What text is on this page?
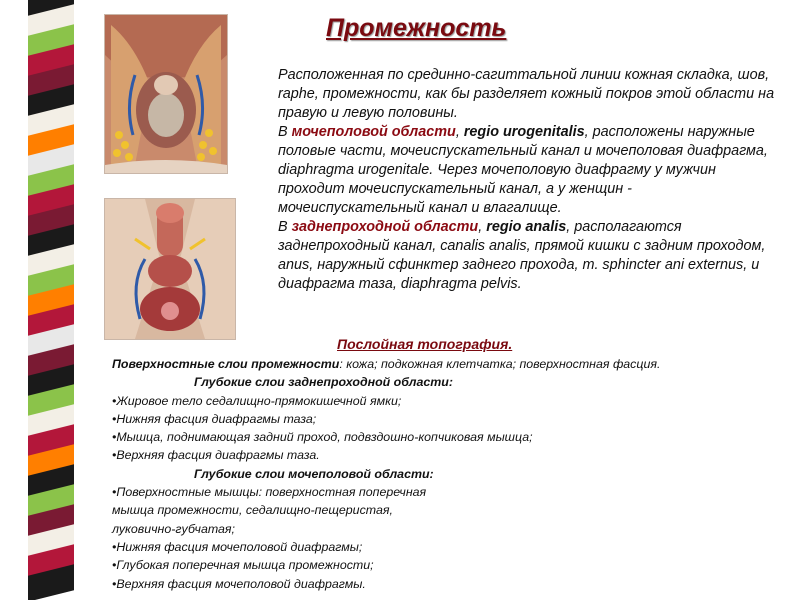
Промежность
Расположенная по срединно-сагиттальной линии кожная складка, шов, raphe, промежности, как бы разделяет кожный покров этой области на правую и левую половины.
В мочеполовой области, regio urogenitalis, расположены наружные половые части, мочеиспускательный канал и мочеполовая диафрагма, diaphragma urogenitale. Через мочеполовую диафрагму у мужчин проходит мочеиспускательный канал, а у женщин - мочеиспускательный канал и влагалище.
В заднепроходной области, regio analis, располагаются заднепроходный канал, canalis analis, прямой кишки с задним проходом, anus, наружный сфинктер заднего прохода, m. sphincter ani externus, и диафрагма таза, diaphragma pelvis.
Послойная топография.
Поверхностные слои промежности: кожа; подкожная клетчатка; поверхностная фасция.
Глубокие слои заднепроходной области:
•Жировое тело седалищно-прямокишечной ямки;
•Нижняя фасция диафрагмы таза;
•Мышца, поднимающая задний проход, подвздошно-копчиковая мышца;
•Верхняя фасция диафрагмы таза.
Глубокие слои мочеполовой области:
•Поверхностные мышцы: поверхностная поперечная
мышца промежности, седалищно-пещеристая,
луковично-губчатая;
•Нижняя фасция мочеполовой диафрагмы;
•Глубокая поперечная мышца промежности;
•Верхняя фасция мочеполовой диафрагмы.
